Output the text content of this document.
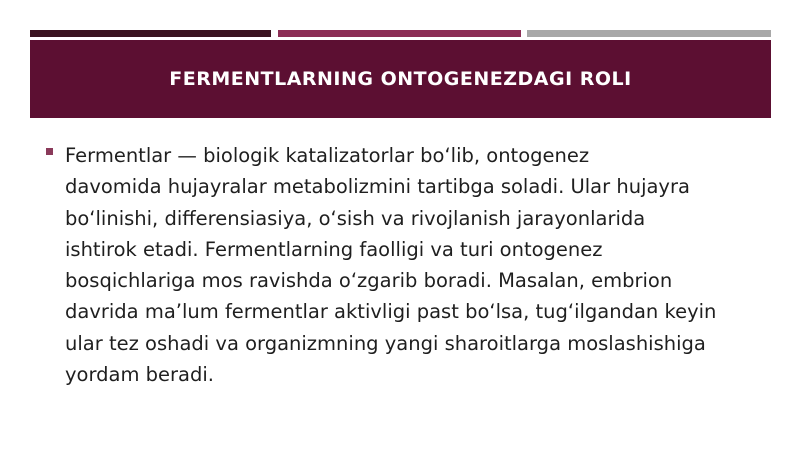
FERMENTLARNING ONTOGENEZDAGI ROLI

Fermentlar — biologik katalizatorlar bo‘lib, ontogenez
davomida hujayralar metabolizmini tartibga soladi. Ular hujayra
bo‘linishi, differensiasiya, o‘sish va rivojlanish jarayonlarida
ishtirok etadi. Fermentlarning faolligi va turi ontogenez
bosqichlariga mos ravishda o‘zgarib boradi. Masalan, embrion
davrida ma’lum fermentlar aktivligi past bo‘lsa, tug‘ilgandan keyin
ular tez oshadi va organizmning yangi sharoitlarga moslashishiga
yordam beradi.
